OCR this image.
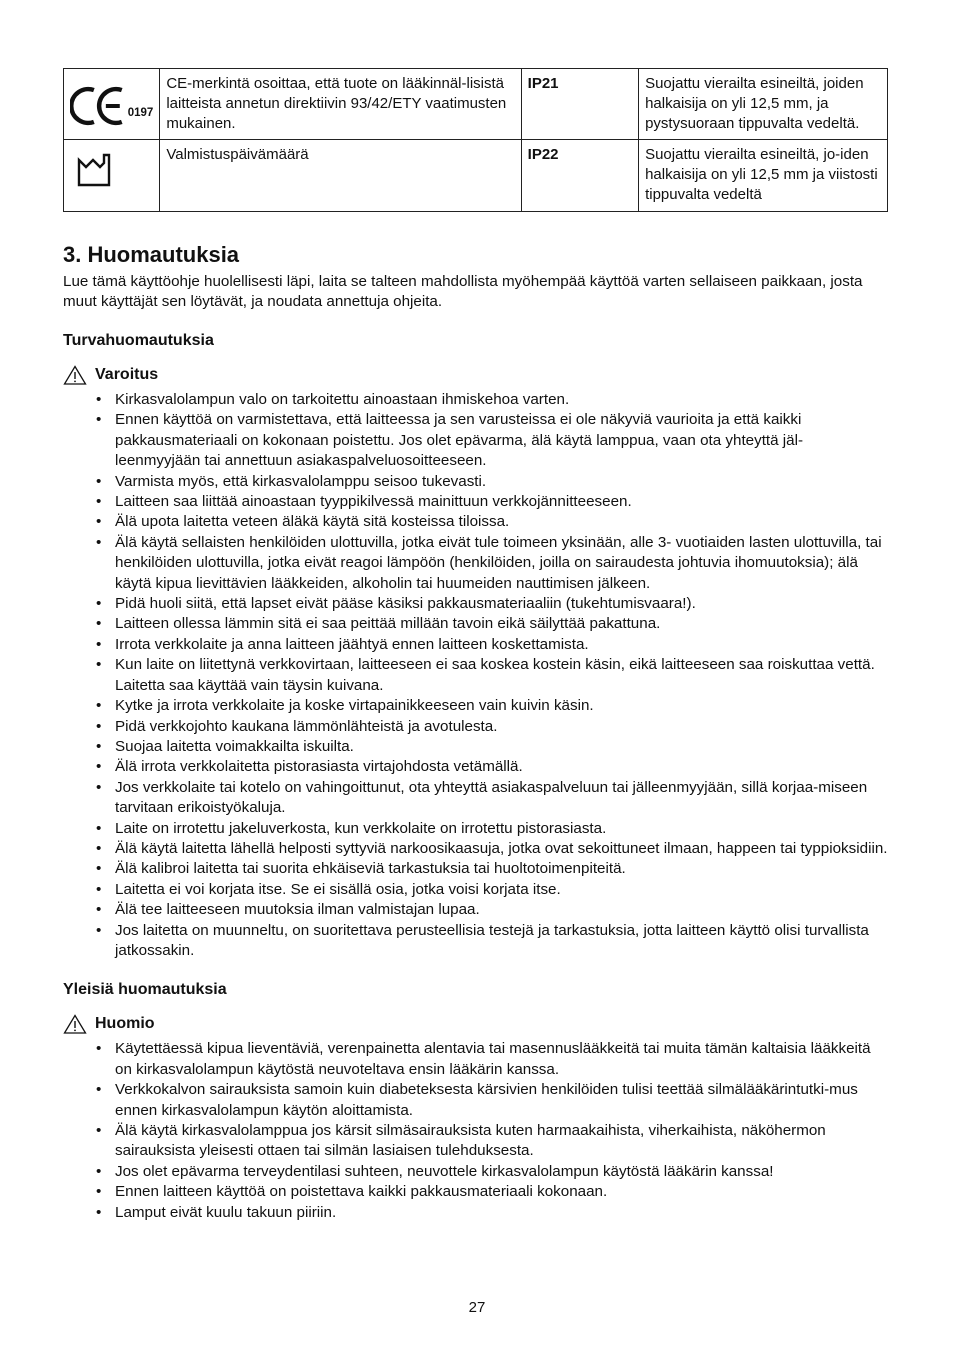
0197	CE-merkintä osoittaa, että tuote on lääkinnäl-lisistä laitteista annetun direktiivin 93/42/ETY vaatimusten mukainen.	IP21	Suojattu vierailta esineiltä, joiden halkaisija on yli 12,5 mm, ja pystysuoraan tippuvalta vedeltä.
	Valmistuspäivämäärä	IP22	Suojattu vierailta esineiltä, jo-iden halkaisija on yli 12,5 mm ja viistosti tippuvalta vedeltä
3. Huomautuksia

Lue tämä käyttöohje huolellisesti läpi, laita se talteen mahdollista myöhempää käyttöä varten sellaiseen paikkaan, josta muut käyttäjät sen löytävät, ja noudata annettuja ohjeita.

Turvahuomautuksia
Varoitus
• Kirkasvalolampun valo on tarkoitettu ainoastaan ihmiskehoa varten.
• Ennen käyttöä on varmistettava, että laitteessa ja sen varusteissa ei ole näkyviä vaurioita ja että kaikki pakkausmateriaali on kokonaan poistettu. Jos olet epävarma, älä käytä lamppua, vaan ota yhteyttä jäl-leenmyyjään tai annettuun asiakaspalveluosoitteeseen.
• Varmista myös, että kirkasvalolamppu seisoo tukevasti.
• Laitteen saa liittää ainoastaan tyyppikilvessä mainittuun verkkojännitteeseen.
• Älä upota laitetta veteen äläkä käytä sitä kosteissa tiloissa.
• Älä käytä sellaisten henkilöiden ulottuvilla, jotka eivät tule toimeen yksinään, alle 3- vuotiaiden lasten ulottuvilla, tai henkilöiden ulottuvilla, jotka eivät reagoi lämpöön (henkilöiden, joilla on sairaudesta johtuvia ihomuutoksia); älä käytä kipua lievittävien lääkkeiden, alkoholin tai huumeiden nauttimisen jälkeen.
• Pidä huoli siitä, että lapset eivät pääse käsiksi pakkausmateriaaliin (tukehtumisvaara!).
• Laitteen ollessa lämmin sitä ei saa peittää millään tavoin eikä säilyttää pakattuna.
• Irrota verkkolaite ja anna laitteen jäähtyä ennen laitteen koskettamista.
• Kun laite on liitettynä verkkovirtaan, laitteeseen ei saa koskea kostein käsin, eikä laitteeseen saa roiskuttaa vettä. Laitetta saa käyttää vain täysin kuivana.
• Kytke ja irrota verkkolaite ja koske virtapainikkeeseen vain kuivin käsin.
• Pidä verkkojohto kaukana lämmönlähteistä ja avotulesta.
• Suojaa laitetta voimakkailta iskuilta.
• Älä irrota verkkolaitetta pistorasiasta virtajohdosta vetämällä.
• Jos verkkolaite tai kotelo on vahingoittunut, ota yhteyttä asiakaspalveluun tai jälleenmyyjään, sillä korjaa-miseen tarvitaan erikoistyökaluja.
• Laite on irrotettu jakeluverkosta, kun verkkolaite on irrotettu pistorasiasta.
• Älä käytä laitetta lähellä helposti syttyviä narkoosikaasuja, jotka ovat sekoittuneet ilmaan, happeen tai typpioksidiin.
• Älä kalibroi laitetta tai suorita ehkäiseviä tarkastuksia tai huoltotoimenpiteitä.
• Laitetta ei voi korjata itse. Se ei sisällä osia, jotka voisi korjata itse.
• Älä tee laitteeseen muutoksia ilman valmistajan lupaa.
• Jos laitetta on muunneltu, on suoritettava perusteellisia testejä ja tarkastuksia, jotta laitteen käyttö olisi turvallista jatkossakin.
Yleisiä huomautuksia
Huomio
• Käytettäessä kipua lieventäviä, verenpainetta alentavia tai masennuslääkkeitä tai muita tämän kaltaisia lääkkeitä on kirkasvalolampun käytöstä neuvoteltava ensin lääkärin kanssa.
• Verkkokalvon sairauksista samoin kuin diabeteksesta kärsivien henkilöiden tulisi teettää silmälääkärintutki-mus ennen kirkasvalolampun käytön aloittamista.
• Älä käytä kirkasvalolamppua jos kärsit silmäsairauksista kuten harmaakaihista, viherkaihista, näköhermon sairauksista yleisesti ottaen tai silmän lasiaisen tulehduksesta.
• Jos olet epävarma terveydentilasi suhteen, neuvottele kirkasvalolampun käytöstä lääkärin kanssa!
• Ennen laitteen käyttöä on poistettava kaikki pakkausmateriaali kokonaan.
• Lamput eivät kuulu takuun piiriin.
27
